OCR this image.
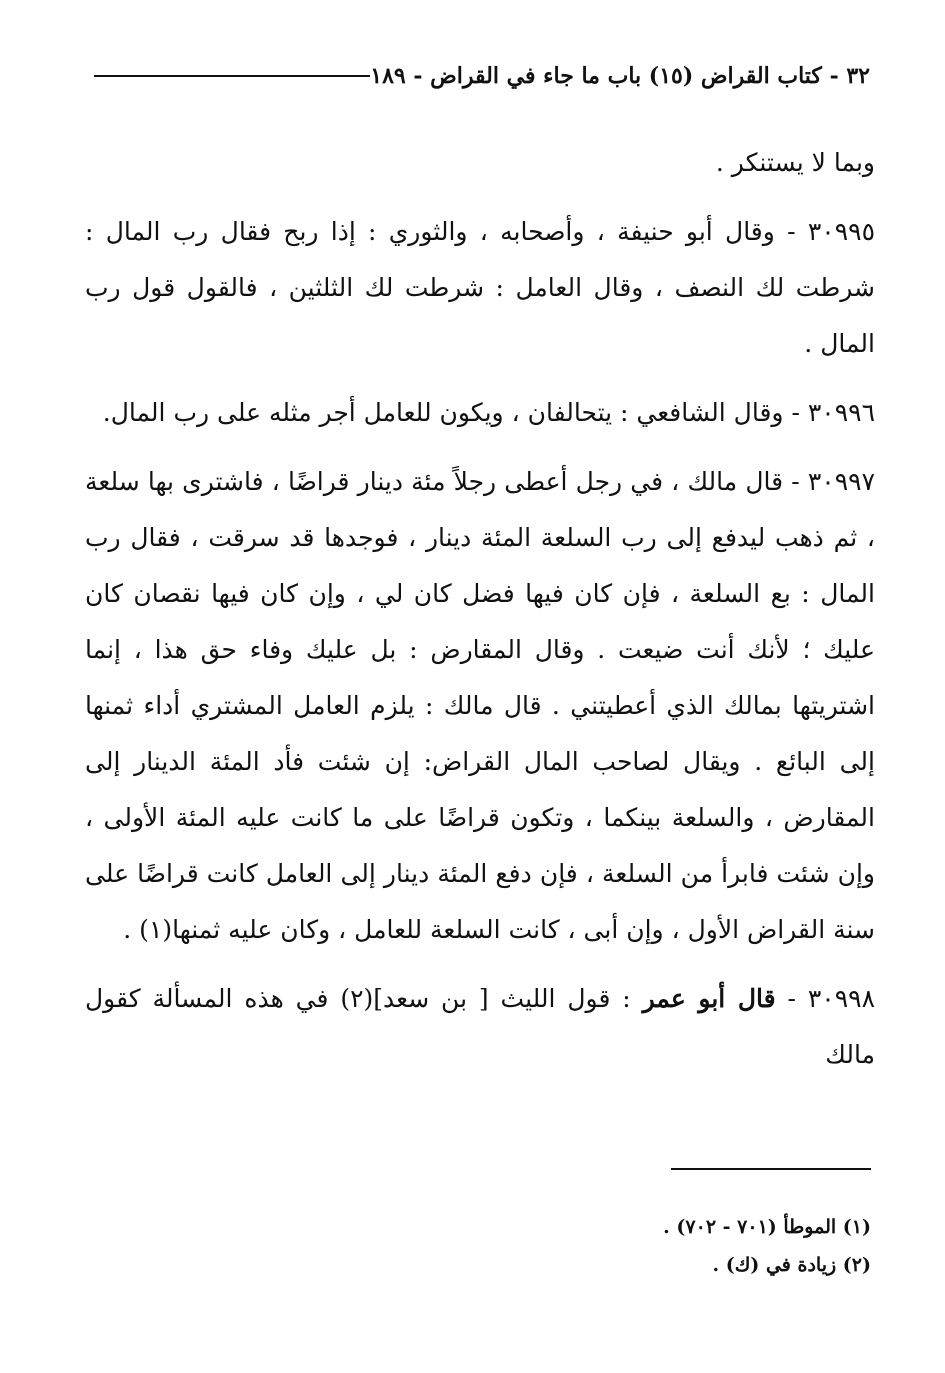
٣٢ - كتاب القراض (١٥) باب ما جاء في القراض - ١٨٩

وبما لا يستنكر .

٣٠٩٩٥ - وقال أبو حنيفة ، وأصحابه ، والثوري : إذا ربح فقال رب المال : شرطت لك النصف ، وقال العامل : شرطت لك الثلثين ، فالقول قول رب المال .

٣٠٩٩٦ - وقال الشافعي : يتحالفان ، ويكون للعامل أجر مثله على رب المال.

٣٠٩٩٧ - قال مالك ، في رجل أعطى رجلاً مئة دينار قراضًا ، فاشترى بها سلعة ، ثم ذهب ليدفع إلى رب السلعة المئة دينار ، فوجدها قد سرقت ، فقال رب المال : بع السلعة ، فإن كان فيها فضل كان لي ، وإن كان فيها نقصان كان عليك ؛ لأنك أنت ضيعت . وقال المقارض : بل عليك وفاء حق هذا ، إنما اشتريتها بمالك الذي أعطيتني . قال مالك : يلزم العامل المشتري أداء ثمنها إلى البائع . ويقال لصاحب المال القراض: إن شئت فأد المئة الدينار إلى المقارض ، والسلعة بينكما ، وتكون قراضًا على ما كانت عليه المئة الأولى ، وإن شئت فابرأ من السلعة ، فإن دفع المئة دينار إلى العامل كانت قراضًا على سنة القراض الأول ، وإن أبى ، كانت السلعة للعامل ، وكان عليه ثمنها(١) .

٣٠٩٩٨ - قال أبو عمر : قول الليث [ بن سعد](٢) في هذه المسألة كقول مالك

(١) الموطأ (٧٠١ - ٧٠٢) .

(٢) زيادة في (ك) .
